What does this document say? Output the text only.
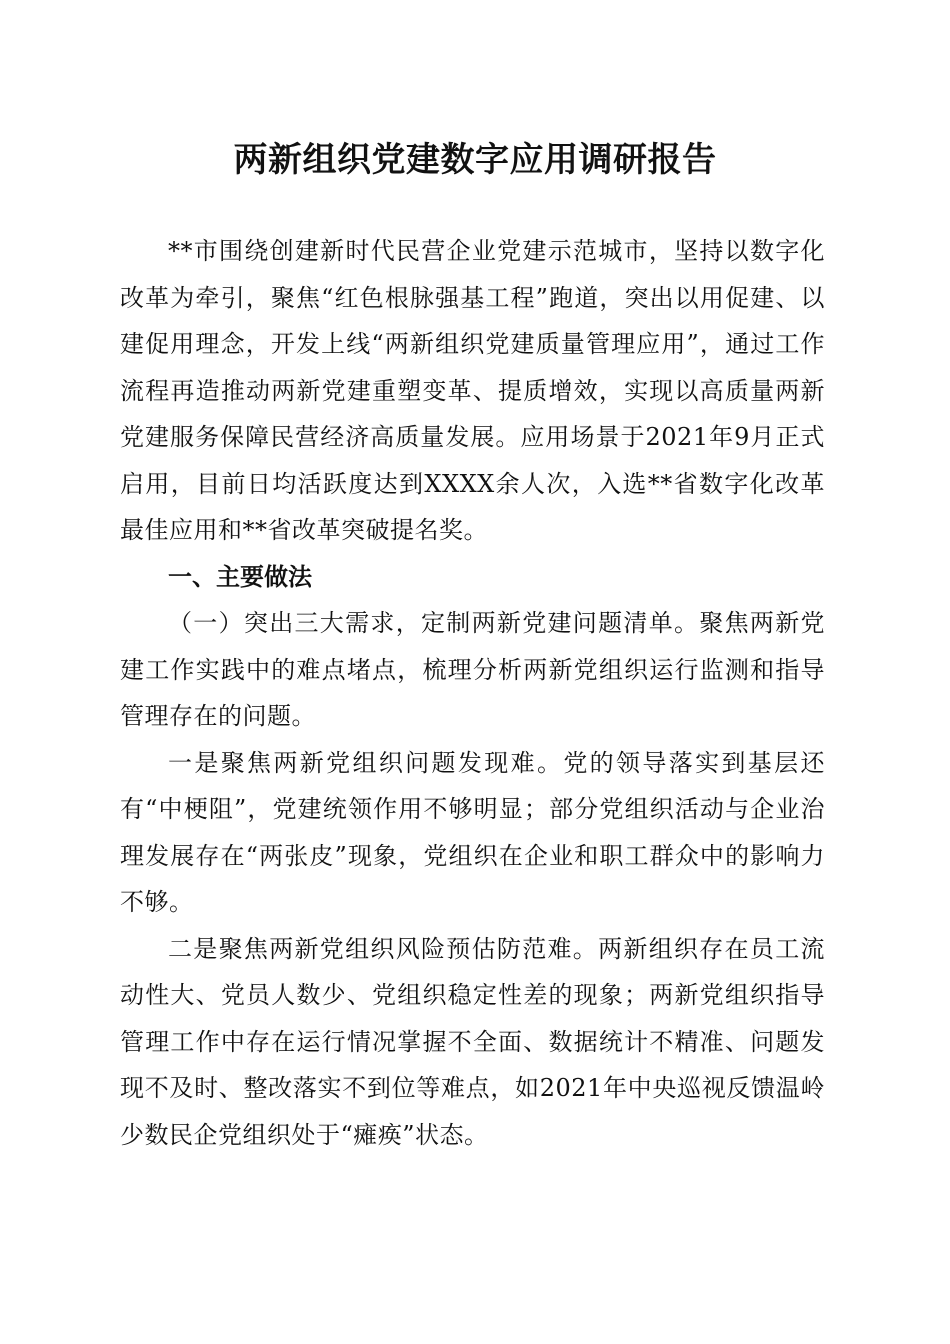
两新组织党建数字应用调研报告

**市围绕创建新时代民营企业党建示范城市，坚持以数字化改革为牵引，聚焦“红色根脉强基工程”跑道，突出以用促建、以建促用理念，开发上线“两新组织党建质量管理应用”，通过工作流程再造推动两新党建重塑变革、提质增效，实现以高质量两新党建服务保障民营经济高质量发展。应用场景于2021年9月正式启用，目前日均活跃度达到XXXX余人次，入选**省数字化改革最佳应用和**省改革突破提名奖。

一、主要做法

（一）突出三大需求，定制两新党建问题清单。聚焦两新党建工作实践中的难点堵点，梳理分析两新党组织运行监测和指导管理存在的问题。

一是聚焦两新党组织问题发现难。党的领导落实到基层还有“中梗阻”，党建统领作用不够明显；部分党组织活动与企业治理发展存在“两张皮”现象，党组织在企业和职工群众中的影响力不够。

二是聚焦两新党组织风险预估防范难。两新组织存在员工流动性大、党员人数少、党组织稳定性差的现象；两新党组织指导管理工作中存在运行情况掌握不全面、数据统计不精准、问题发现不及时、整改落实不到位等难点，如2021年中央巡视反馈温岭少数民企党组织处于“瘫痪”状态。
